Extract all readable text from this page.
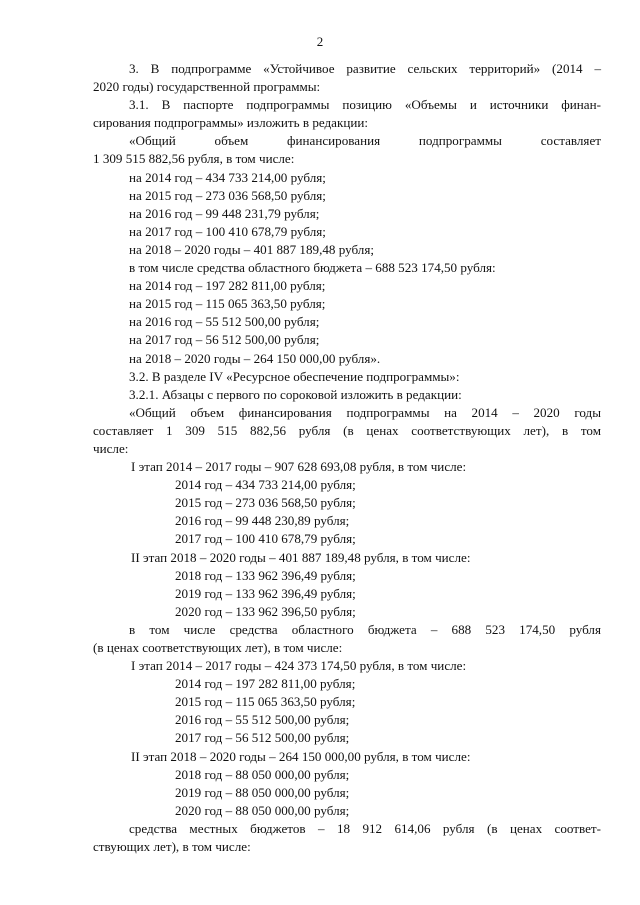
2
3. В подпрограмме «Устойчивое развитие сельских территорий» (2014 –
2020 годы) государственной программы:
3.1. В паспорте подпрограммы позицию «Объемы и источники финан-
сирования подпрограммы» изложить в редакции:
«Общий объем финансирования подпрограммы составляет
1 309 515 882,56 рубля, в том числе:
на 2014 год – 434 733 214,00 рубля;
на 2015 год – 273 036 568,50 рубля;
на 2016 год – 99 448 231,79 рубля;
на 2017 год – 100 410 678,79 рубля;
на 2018 – 2020 годы – 401 887 189,48 рубля;
в том числе средства областного бюджета – 688 523 174,50 рубля:
на 2014 год – 197 282 811,00 рубля;
на 2015 год – 115 065 363,50 рубля;
на 2016 год – 55 512 500,00 рубля;
на 2017 год – 56 512 500,00 рубля;
на 2018 – 2020 годы – 264 150 000,00 рубля».
3.2. В разделе IV «Ресурсное обеспечение подпрограммы»:
3.2.1. Абзацы с первого по сороковой изложить в редакции:
«Общий объем финансирования подпрограммы на 2014 – 2020 годы
составляет 1 309 515 882,56 рубля (в ценах соответствующих лет), в том
числе:
I этап 2014 – 2017 годы – 907 628 693,08 рубля, в том числе:
2014 год – 434 733 214,00 рубля;
2015 год – 273 036 568,50 рубля;
2016 год – 99 448 230,89 рубля;
2017 год – 100 410 678,79 рубля;
II этап 2018 – 2020 годы – 401 887 189,48 рубля, в том числе:
2018 год – 133 962 396,49 рубля;
2019 год – 133 962 396,49 рубля;
2020 год – 133 962 396,50 рубля;
в том числе средства областного бюджета – 688 523 174,50 рубля
(в ценах соответствующих лет), в том числе:
I этап 2014 – 2017 годы – 424 373 174,50 рубля, в том числе:
2014 год – 197 282 811,00 рубля;
2015 год – 115 065 363,50 рубля;
2016 год – 55 512 500,00 рубля;
2017 год – 56 512 500,00 рубля;
II этап 2018 – 2020 годы – 264 150 000,00 рубля, в том числе:
2018 год – 88 050 000,00 рубля;
2019 год – 88 050 000,00 рубля;
2020 год – 88 050 000,00 рубля;
средства местных бюджетов – 18 912 614,06 рубля (в ценах соответ-
ствующих лет), в том числе:
